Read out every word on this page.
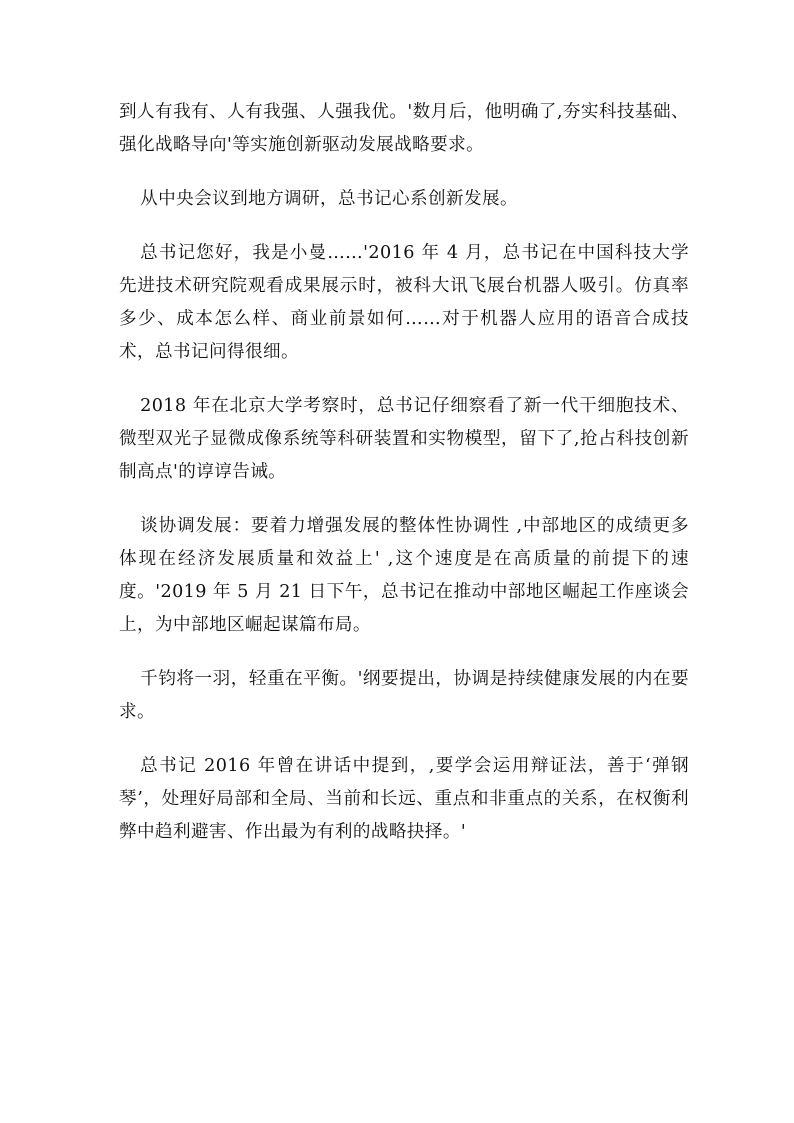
到人有我有、人有我强、人强我优。'数月后，他明确了,夯实科技基础、强化战略导向'等实施创新驱动发展战略要求。

从中央会议到地方调研，总书记心系创新发展。

总书记您好，我是小曼……'2016 年 4 月，总书记在中国科技大学先进技术研究院观看成果展示时，被科大讯飞展台机器人吸引。仿真率多少、成本怎么样、商业前景如何……对于机器人应用的语音合成技术，总书记问得很细。

2018 年在北京大学考察时，总书记仔细察看了新一代干细胞技术、微型双光子显微成像系统等科研装置和实物模型，留下了,抢占科技创新制高点'的谆谆告诫。

谈协调发展：要着力增强发展的整体性协调性 ,中部地区的成绩更多体现在经济发展质量和效益上' ,这个速度是在高质量的前提下的速度。'2019 年 5 月 21 日下午，总书记在推动中部地区崛起工作座谈会上，为中部地区崛起谋篇布局。

千钧将一羽，轻重在平衡。'纲要提出，协调是持续健康发展的内在要求。

总书记 2016 年曾在讲话中提到，,要学会运用辩证法，善于‘弹钢琴’，处理好局部和全局、当前和长远、重点和非重点的关系，在权衡利弊中趋利避害、作出最为有利的战略抉择。'
